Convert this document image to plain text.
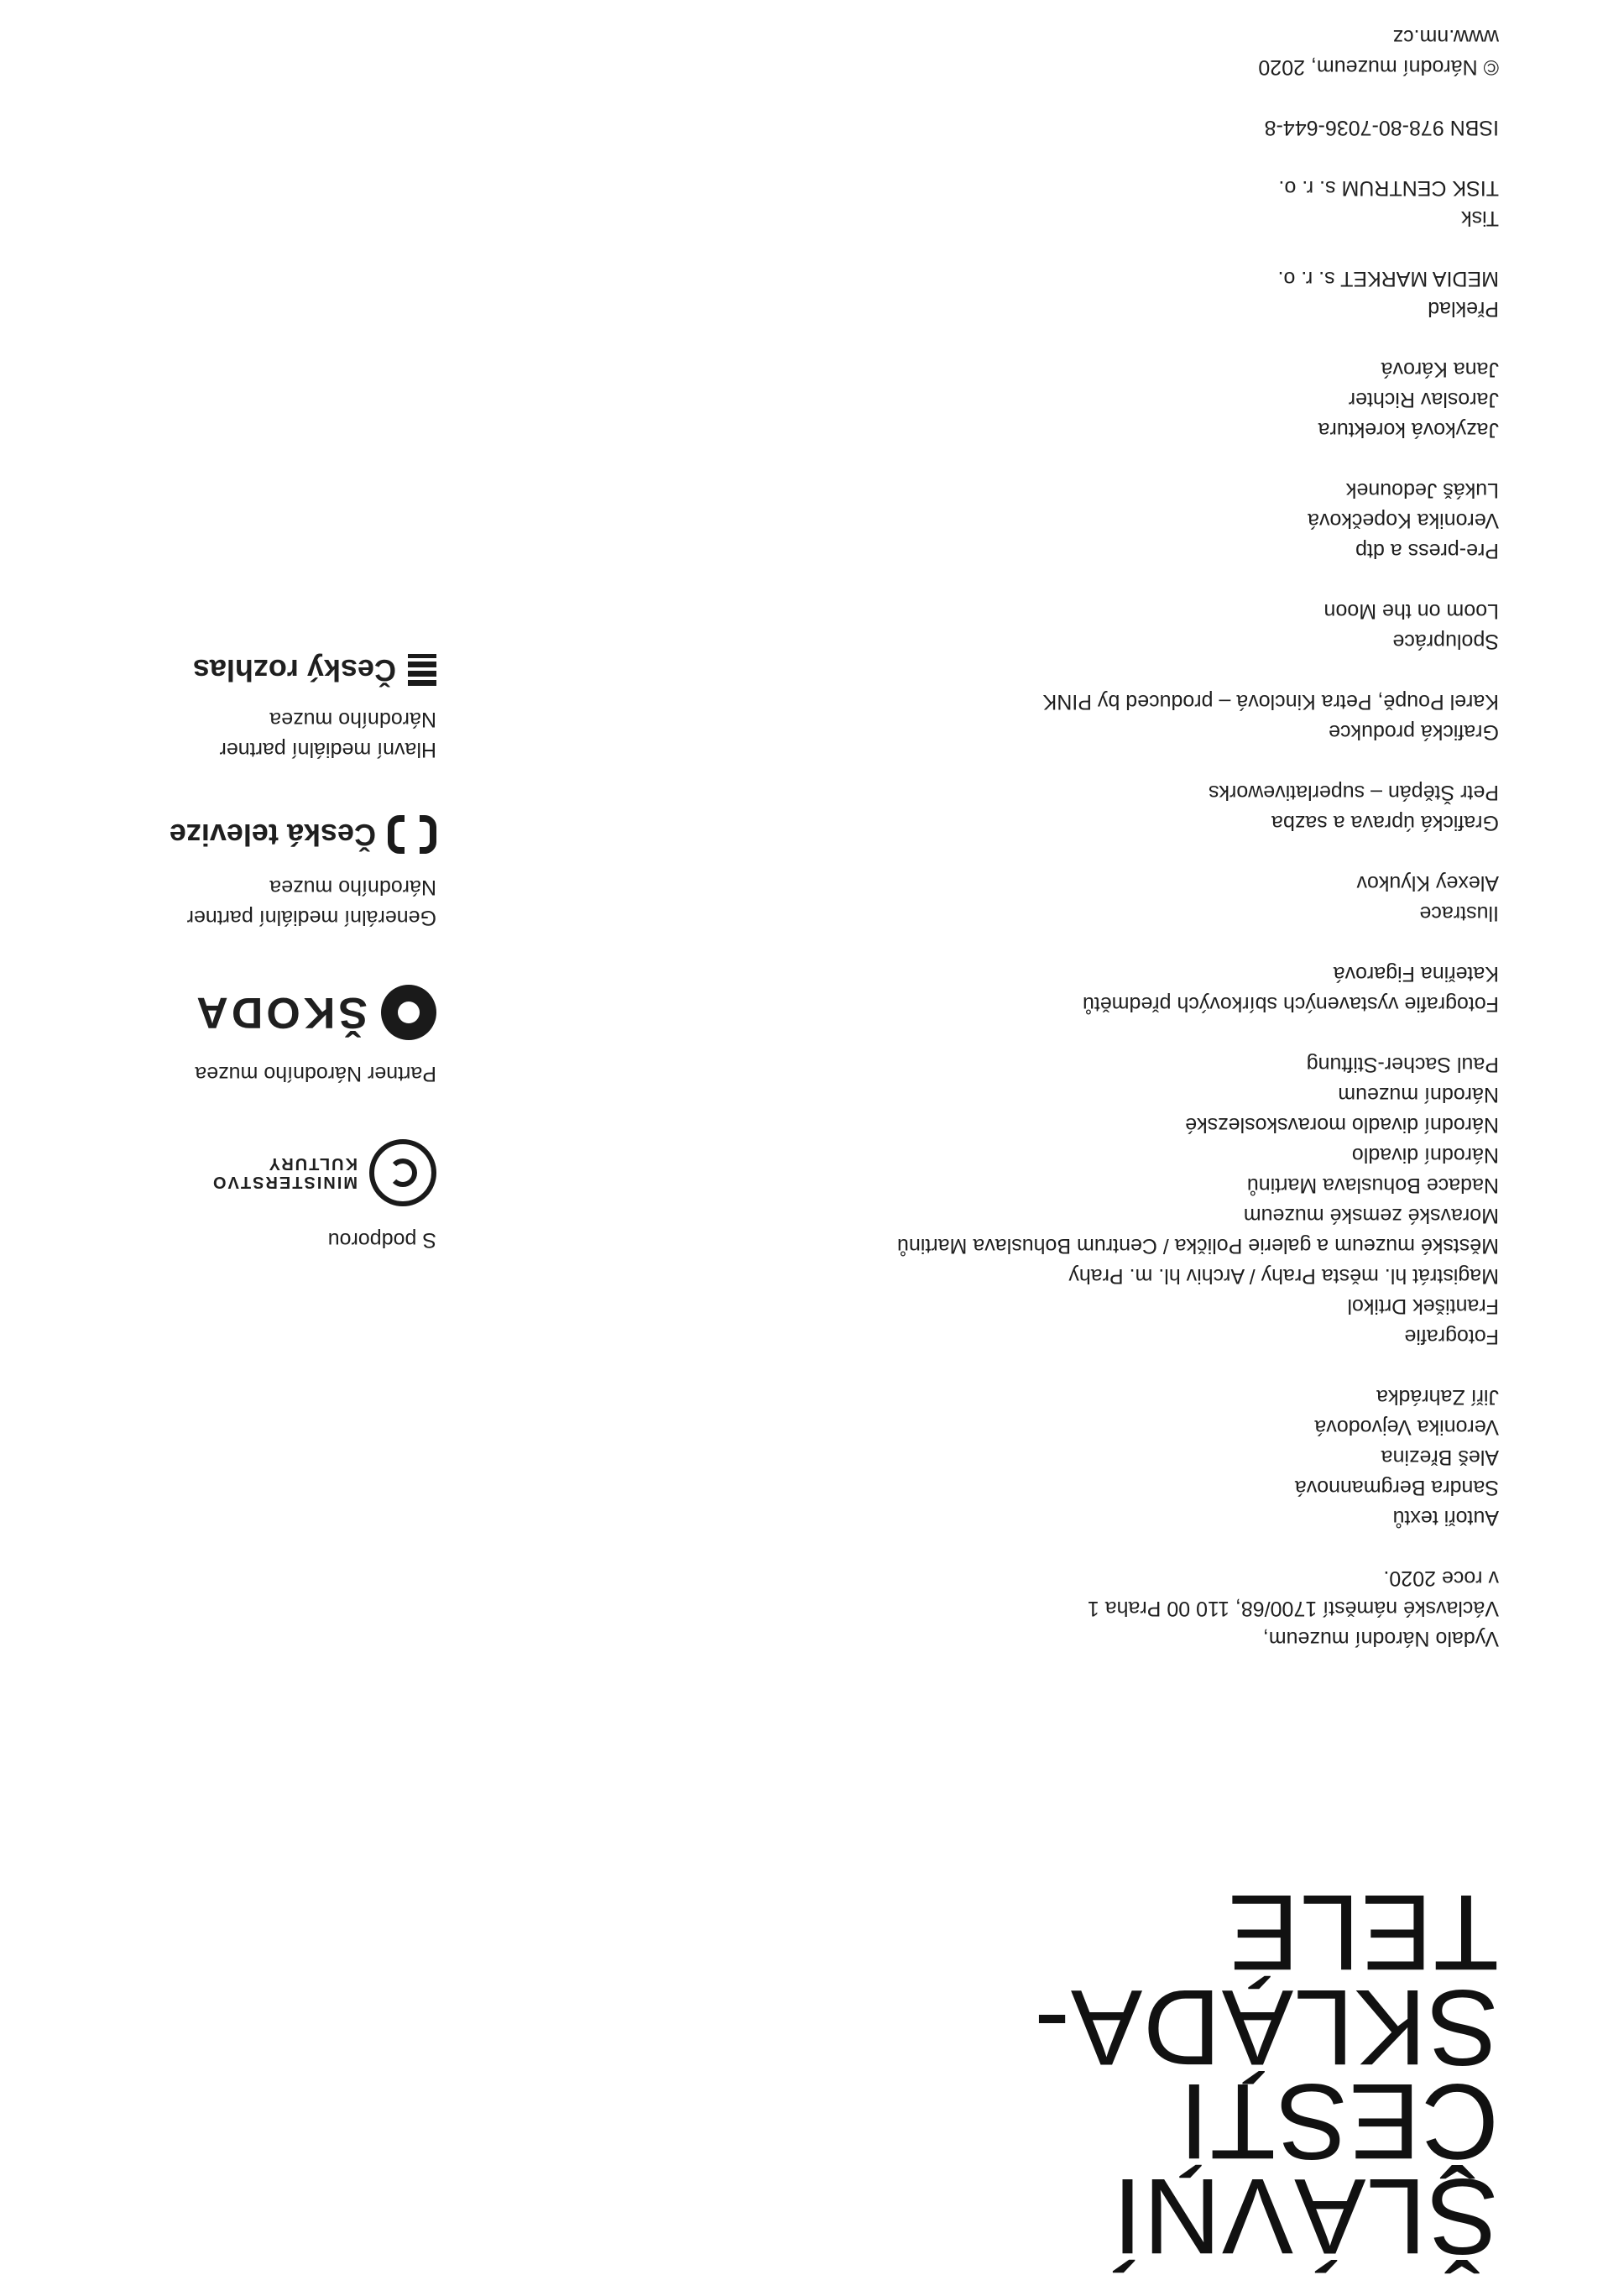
ŠLÁVNÍ
ČESTÍ
SKLÁDA-
TELÉ
Vydalo Národní muzeum,
Václavské náměstí 1700/68, 110 00 Praha 1
v roce 2020.
Autoři textů
Sandra Bergmannová
Aleš Březina
Veronika Vejvodová
Jiří Zahrádka
Fotografie
František Drtikol
Magistrát hl. města Prahy / Archiv hl. m. Prahy
Městské muzeum a galerie Polička / Centrum Bohuslava Martinů
Moravské zemské muzeum
Nadace Bohuslava Martinů
Národní divadlo
Národní divadlo moravskoslezské
Národní muzeum
Paul Sacher-Stiftung
Fotografie vystavených sbírkových předmětů
Kateřina Figarová
Ilustrace
Alexey Klyukov
Grafická úprava a sazba
Petr Štěpán – superlativeworks
Grafická produkce
Karel Poupě, Petra Kinclová – produced by PINK
Spolupráce
Loom on the Moon
Pre-press a dtp
Veronika Kopečková
Lukáš Jedounek
Jazyková korektura
Jaroslav Richter
Jana Kárová
Překlad
MEDIA MARKET s. r. o.
Tisk
TISK CENTRUM s. r. o.
ISBN 978-80-7036-644-8
© Národní muzeum, 2020
www.nm.cz
S podporou
MINISTERSTVO
KULTURY
Partner Národního muzea
ŠKODA
Generální mediální partner
Národního muzea
Česká televize
Hlavní mediální partner
Národního muzea
Český rozhlas
